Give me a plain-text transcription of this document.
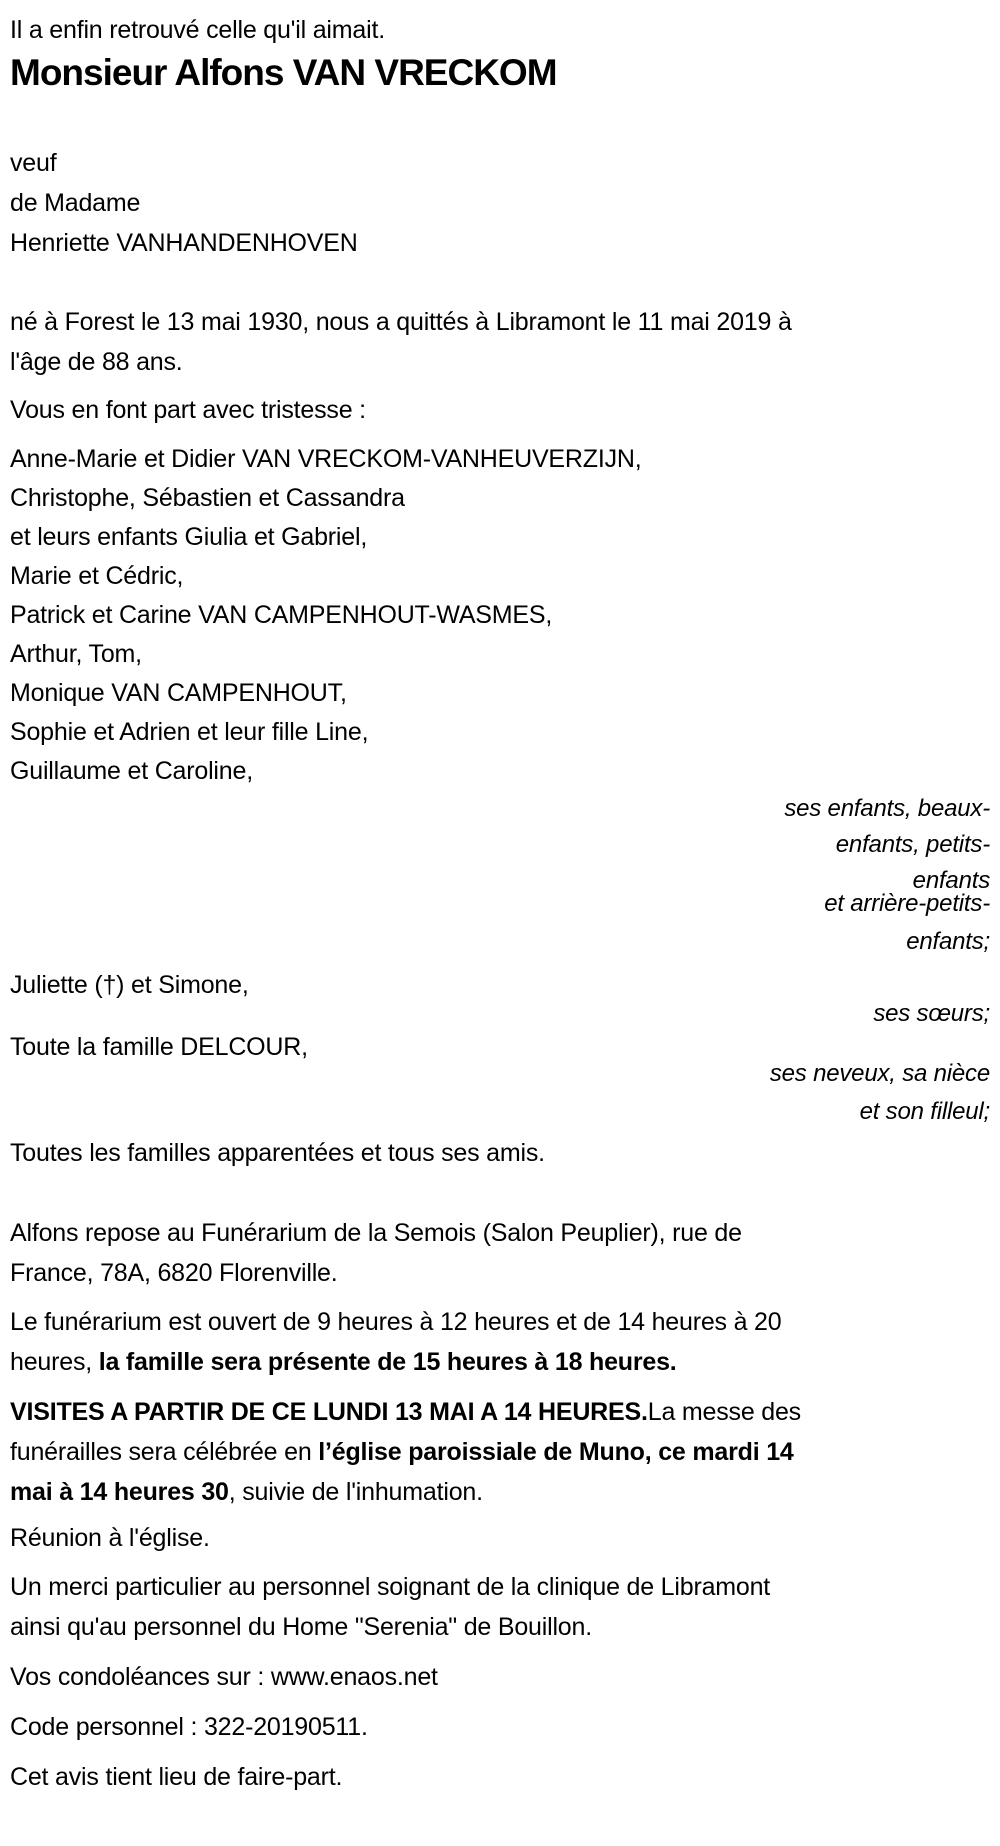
Il a enfin retrouvé celle qu'il aimait.

Monsieur Alfons VAN VRECKOM

veuf
de Madame
Henriette VANHANDENHOVEN

né à Forest le 13 mai 1930, nous a quittés à Libramont le 11 mai 2019 à
l'âge de 88 ans.

Vous en font part avec tristesse :

Anne-Marie et Didier VAN VRECKOM-VANHEUVERZIJN,
Christophe, Sébastien et Cassandra
et leurs enfants Giulia et Gabriel,
Marie et Cédric,
Patrick et Carine VAN CAMPENHOUT-WASMES,
Arthur, Tom,
Monique VAN CAMPENHOUT,
Sophie et Adrien et leur fille Line,
Guillaume et Caroline,
ses enfants, beaux-
enfants, petits-
enfants
et arrière-petits-
enfants;

Juliette (†) et Simone,

ses sœurs;

Toute la famille DELCOUR,

ses neveux, sa nièce
et son filleul;

Toutes les familles apparentées et tous ses amis.

Alfons repose au Funérarium de la Semois (Salon Peuplier), rue de
France, 78A, 6820 Florenville.

Le funérarium est ouvert de 9 heures à 12 heures et de 14 heures à 20
heures, la famille sera présente de 15 heures à 18 heures.

VISITES A PARTIR DE CE LUNDI 13 MAI A 14 HEURES.La messe des
funérailles sera célébrée en l’église paroissiale de Muno, ce mardi 14
mai à 14 heures 30, suivie de l'inhumation.

Réunion à l'église.

Un merci particulier au personnel soignant de la clinique de Libramont
ainsi qu'au personnel du Home "Serenia" de Bouillon.

Vos condoléances sur : www.enaos.net

Code personnel : 322-20190511.

Cet avis tient lieu de faire-part.
